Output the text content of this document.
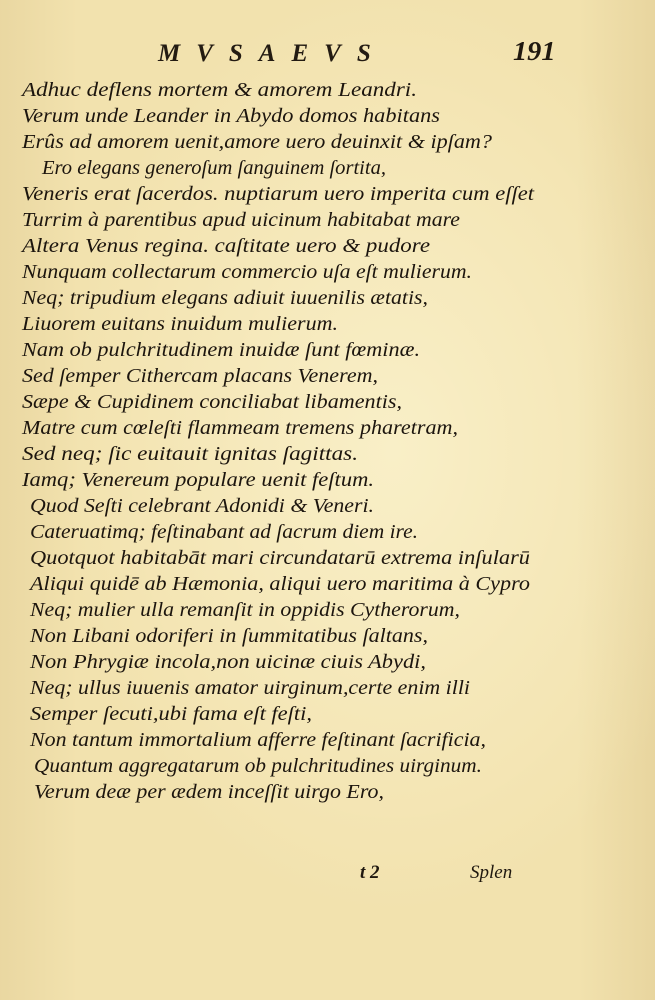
MVSAEVS	191
Adhuc deflens mortem & amorem Leandri.
Verum unde Leander in Abydo domos habitans
Erûs ad amorem uenit,amore uero deuinxit & ipſam?
Ero elegans generoſum ſanguinem ſortita,
Veneris erat ſacerdos. nuptiarum uero imperita cum eſſet
Turrim à parentibus apud uicinum habitabat mare
Altera Venus regina. caſtitate uero & pudore
Nunquam collectarum commercio uſa eſt mulierum.
Neq; tripudium elegans adiuit iuuenilis ætatis,
Liuorem euitans inuidum mulierum.
Nam ob pulchritudinem inuidæ ſunt fœminæ.
Sed ſemper Cithercam placans Venerem,
Sæpe & Cupidinem conciliabat libamentis,
Matre cum cœleſti flammeam tremens pharetram,
Sed neq; ſic euitauit ignitas ſagittas.
Iamq; Venereum populare uenit feſtum.
Quod Seſti celebrant Adonidi & Veneri.
Cateruatimq; feſtinabant ad ſacrum diem ire.
Quotquot habitabāt mari circundatarū extrema inſularū
Aliqui quidē ab Hæmonia, aliqui uero maritima à Cypro
Neq; mulier ulla remanſit in oppidis Cytherorum,
Non Libani odoriferi in ſummitatibus ſaltans,
Non Phrygiæ incola,non uicinæ ciuis Abydi,
Neq; ullus iuuenis amator uirginum,certe enim illi
Semper ſecuti,ubi fama eſt feſti,
Non tantum immortalium afferre feſtinant ſacrificia,
Quantum aggregatarum ob pulchritudines uirginum.
Verum deæ per ædem inceſſit uirgo Ero,
t 2	Splen
